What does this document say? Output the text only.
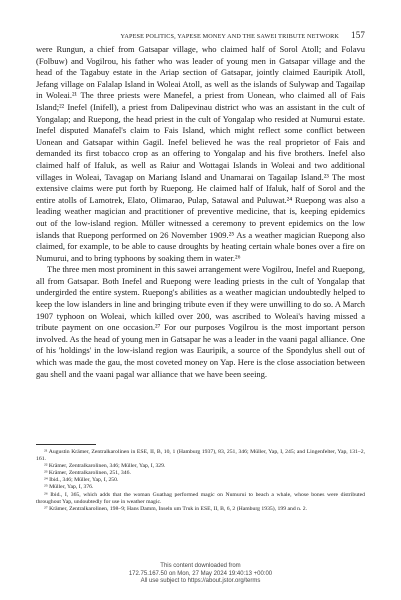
YAPESE POLITICS, YAPESE MONEY AND THE SAWEI TRIBUTE NETWORK 157

were Rungun, a chief from Gatsapar village, who claimed half of Sorol Atoll; and Folavu (Folbuw) and Vogilrou, his father who was leader of young men in Gatsapar village and the head of the Tagabuy estate in the Ariap section of Gatsapar, jointly claimed Eauripik Atoll, Jefang village on Falalap Island in Woleai Atoll, as well as the islands of Sulywap and Tagailap in Woleai.²¹ The three priests were Manefel, a priest from Uonean, who claimed all of Fais Island;²² Inefel (Inifell), a priest from Dalipevinau district who was an assistant in the cult of Yongalap; and Ruepong, the head priest in the cult of Yongalap who resided at Numurui estate. Inefel disputed Manafel's claim to Fais Island, which might reflect some conflict between Uonean and Gatsapar within Gagil. Inefel believed he was the real proprietor of Fais and demanded its first tobacco crop as an offering to Yongalap and his five brothers. Inefel also claimed half of Ifaluk, as well as Raiur and Wottagai Islands in Woleai and two additional villages in Woleai, Tavagap on Mariang Island and Unamarai on Tagailap Island.²³ The most extensive claims were put forth by Ruepong. He claimed half of Ifaluk, half of Sorol and the entire atolls of Lamotrek, Elato, Olimarao, Pulap, Satawal and Puluwat.²⁴ Ruepong was also a leading weather magician and practitioner of preventive medicine, that is, keeping epidemics out of the low-island region. Müller witnessed a ceremony to prevent epidemics on the low islands that Ruepong performed on 26 November 1909.²⁵ As a weather magician Ruepong also claimed, for example, to be able to cause droughts by heating certain whale bones over a fire on Numurui, and to bring typhoons by soaking them in water.²⁶

The three men most prominent in this sawei arrangement were Vogilrou, Inefel and Ruepong, all from Gatsapar. Both Inefel and Ruepong were leading priests in the cult of Yongalap that undergirded the entire system. Ruepong's abilities as a weather magician undoubtedly helped to keep the low islanders in line and bringing tribute even if they were unwilling to do so. A March 1907 typhoon on Woleai, which killed over 200, was ascribed to Woleai's having missed a tribute payment on one occasion.²⁷ For our purposes Vogilrou is the most important person involved. As the head of young men in Gatsapar he was a leader in the vaani pagal alliance. One of his 'holdings' in the low-island region was Eauripik, a source of the Spondylus shell out of which was made the gau, the most coveted money on Yap. Here is the close association between gau shell and the vaani pagal war alliance that we have been seeing.

²¹ Augustin Krämer, Zentralkarolinen in ESE, II, B, 10, 1 (Hamburg 1937), 83, 251, 346; Müller, Yap, I, 245; and Lingenfelter, Yap, 131–2, 161.

²² Krämer, Zentralkarolinen, 346; Müller, Yap, I, 329.

²³ Krämer, Zentralkarolinen, 251, 346.

²⁴ Ibid., 346; Müller, Yap, I, 250.

²⁵ Müller, Yap, I, 376.

²⁶ Ibid., I, 365, which adds that the woman Guathag performed magic on Numurui to beach a whale, whose bones were distributed throughout Yap, undoubtedly for use in weather magic.

²⁷ Krämer, Zentralkarolinen, 198–9; Hans Damm, Inseln um Truk in ESE, II, B, 6, 2 (Hamburg 1935), 199 and n. 2.

This content downloaded from
172.75.167.50 on Mon, 27 May 2024 19:40:13 +00:00
All use subject to https://about.jstor.org/terms
